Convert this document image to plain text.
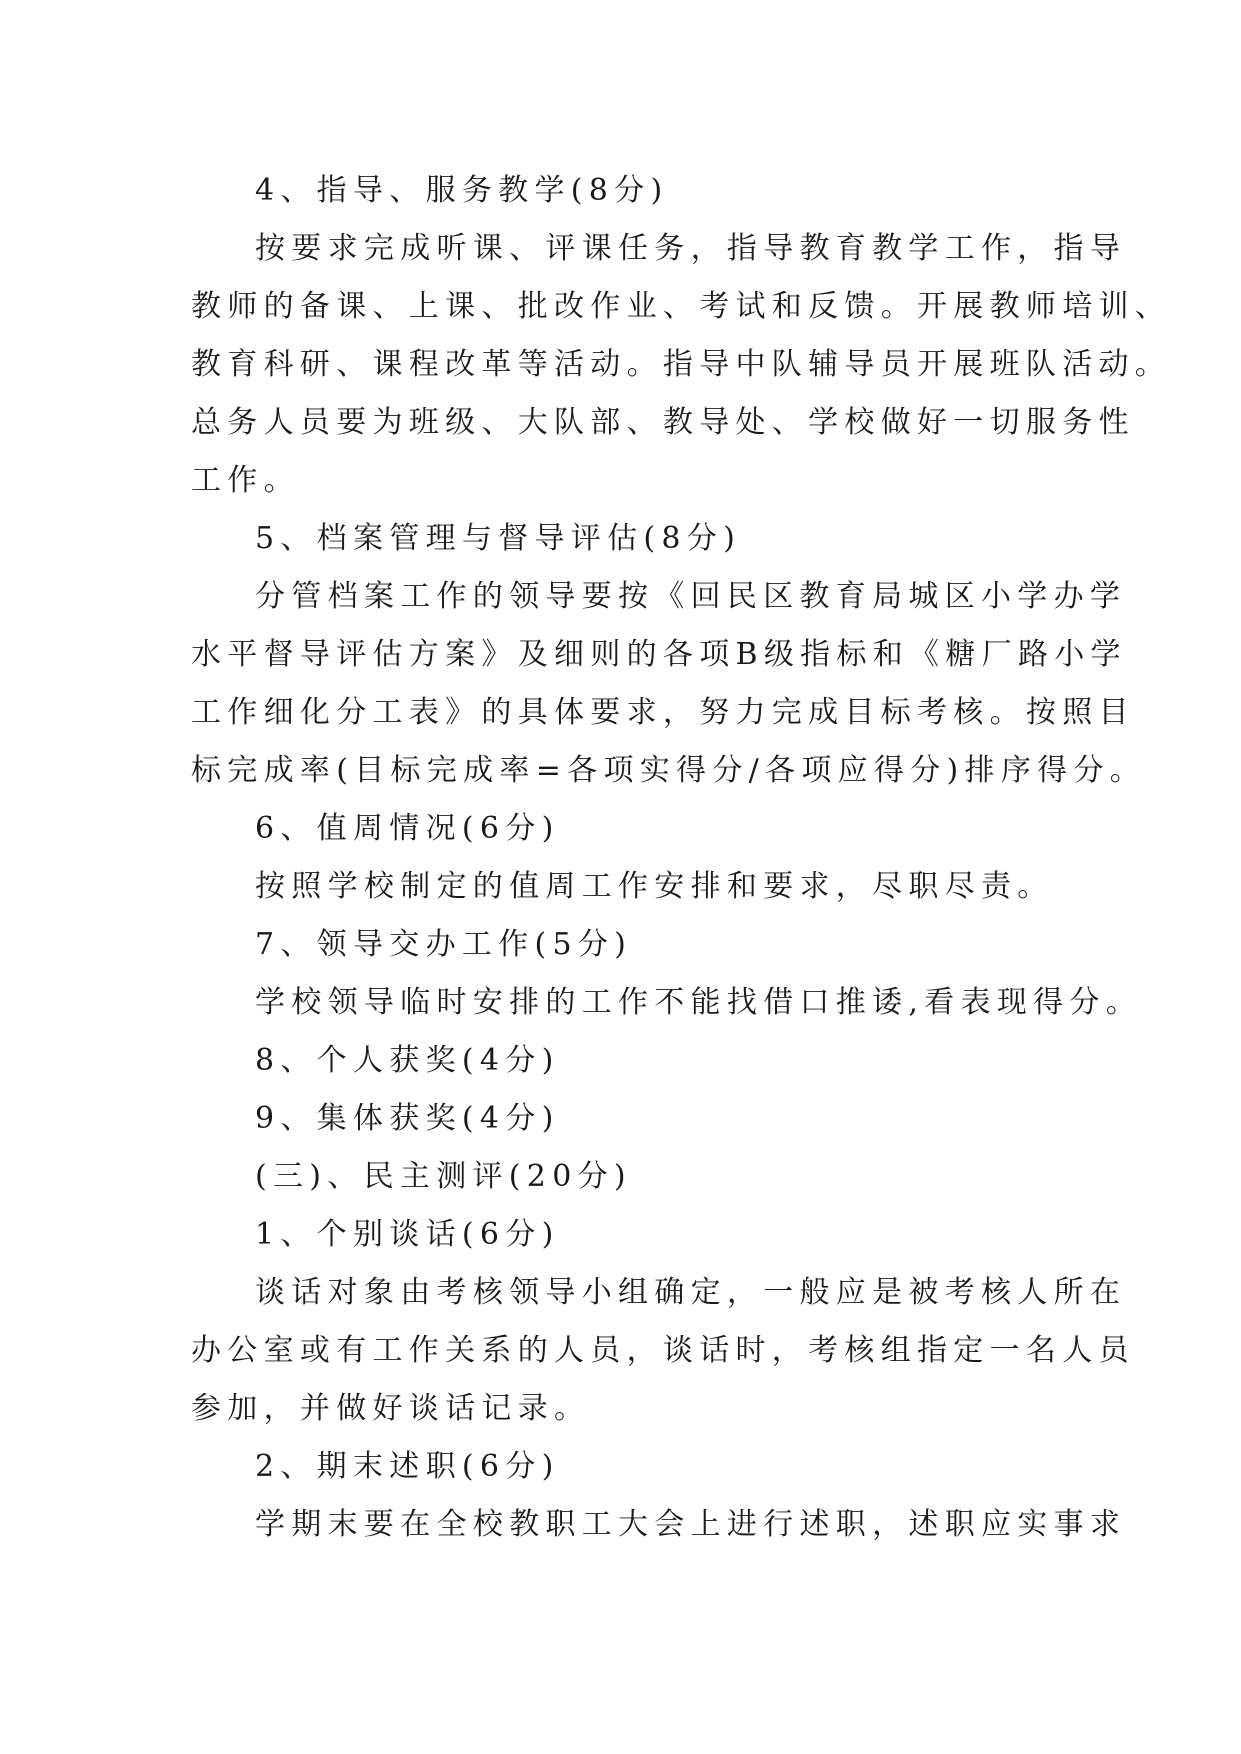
4、指导、服务教学(8分)
按要求完成听课、评课任务，指导教育教学工作，指导
教师的备课、上课、批改作业、考试和反馈。开展教师培训、
教育科研、课程改革等活动。指导中队辅导员开展班队活动。
总务人员要为班级、大队部、教导处、学校做好一切服务性
工作。
5、档案管理与督导评估(8分)
分管档案工作的领导要按《回民区教育局城区小学办学
水平督导评估方案》及细则的各项B级指标和《糖厂路小学
工作细化分工表》的具体要求，努力完成目标考核。按照目
标完成率(目标完成率=各项实得分/各项应得分)排序得分。
6、值周情况(6分)
按照学校制定的值周工作安排和要求，尽职尽责。
7、领导交办工作(5分)
学校领导临时安排的工作不能找借口推诿,看表现得分。
8、个人获奖(4分)
9、集体获奖(4分)
(三)、民主测评(20分)
1、个别谈话(6分)
谈话对象由考核领导小组确定，一般应是被考核人所在
办公室或有工作关系的人员，谈话时，考核组指定一名人员
参加，并做好谈话记录。
2、期末述职(6分)
学期末要在全校教职工大会上进行述职，述职应实事求
